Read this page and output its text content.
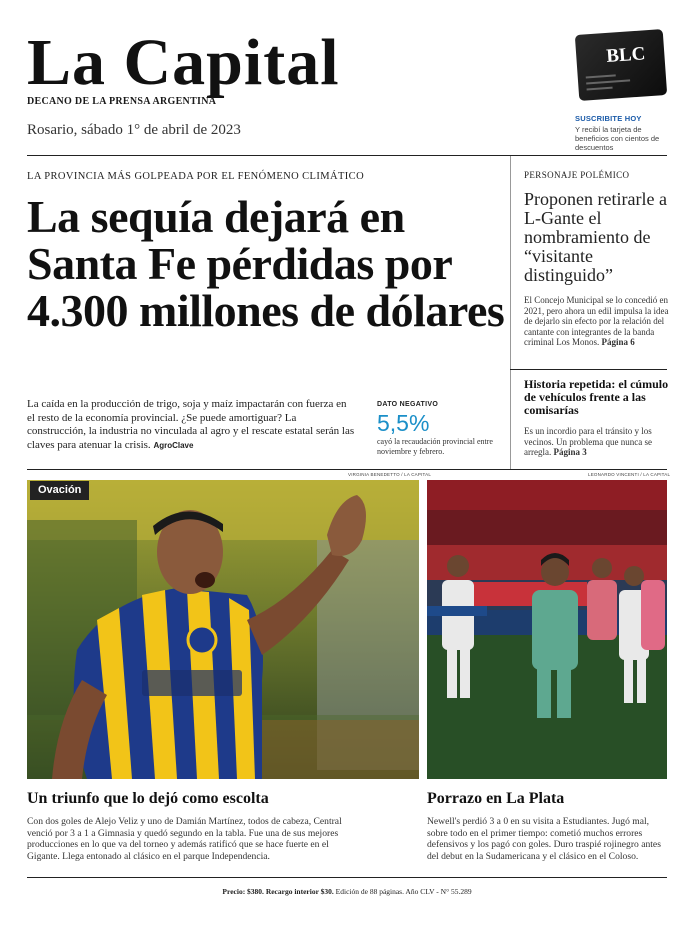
La Capital
DECANO DE LA PRENSA ARGENTINA
Rosario, sábado 1° de abril de 2023
BLC
SUSCRIBITE HOY
Y recibí la tarjeta de beneficios con cientos de descuentos
LA PROVINCIA MÁS GOLPEADA POR EL FENÓMENO CLIMÁTICO
La sequía dejará en Santa Fe pérdidas por 4.300 millones de dólares
La caída en la producción de trigo, soja y maíz impactarán con fuerza en el resto de la economía provincial. ¿Se puede amortiguar? La construcción, la industria no vinculada al agro y el rescate estatal serán las claves para atenuar la crisis. AgroClave
DATO NEGATIVO
5,5%
cayó la recaudación provincial entre noviembre y febrero.
PERSONAJE POLÉMICO
Proponen retirarle a L-Gante el nombramiento de “visitante distinguido”
El Concejo Municipal se lo concedió en 2021, pero ahora un edil impulsa la idea de dejarlo sin efecto por la relación del cantante con integrantes de la banda criminal Los Monos. Página 6
Historia repetida: el cúmulo de vehículos frente a las comisarías
Es un incordio para el tránsito y los vecinos. Un problema que nunca se arregla. Página 3
VIRGINIA BENEDETTO / LA CAPITAL	LEONARDO VINCENTI / LA CAPITAL
Ovación
Un triunfo que lo dejó como escolta
Con dos goles de Alejo Veliz y uno de Damián Martínez, todos de cabeza, Central venció por 3 a 1 a Gimnasia y quedó segundo en la tabla. Fue una de sus mejores producciones en lo que va del torneo y además ratificó que se hace fuerte en el Gigante. Llega entonado al clásico en el parque Independencia.
Porrazo en La Plata
Newell's perdió 3 a 0 en su visita a Estudiantes. Jugó mal, sobre todo en el primer tiempo: cometió muchos errores defensivos y los pagó con goles. Duro traspié rojinegro antes del debut en la Sudamericana y el clásico en el Coloso.
Precio: $380. Recargo interior $30. Edición de 88 páginas. Año CLV - N° 55.289
